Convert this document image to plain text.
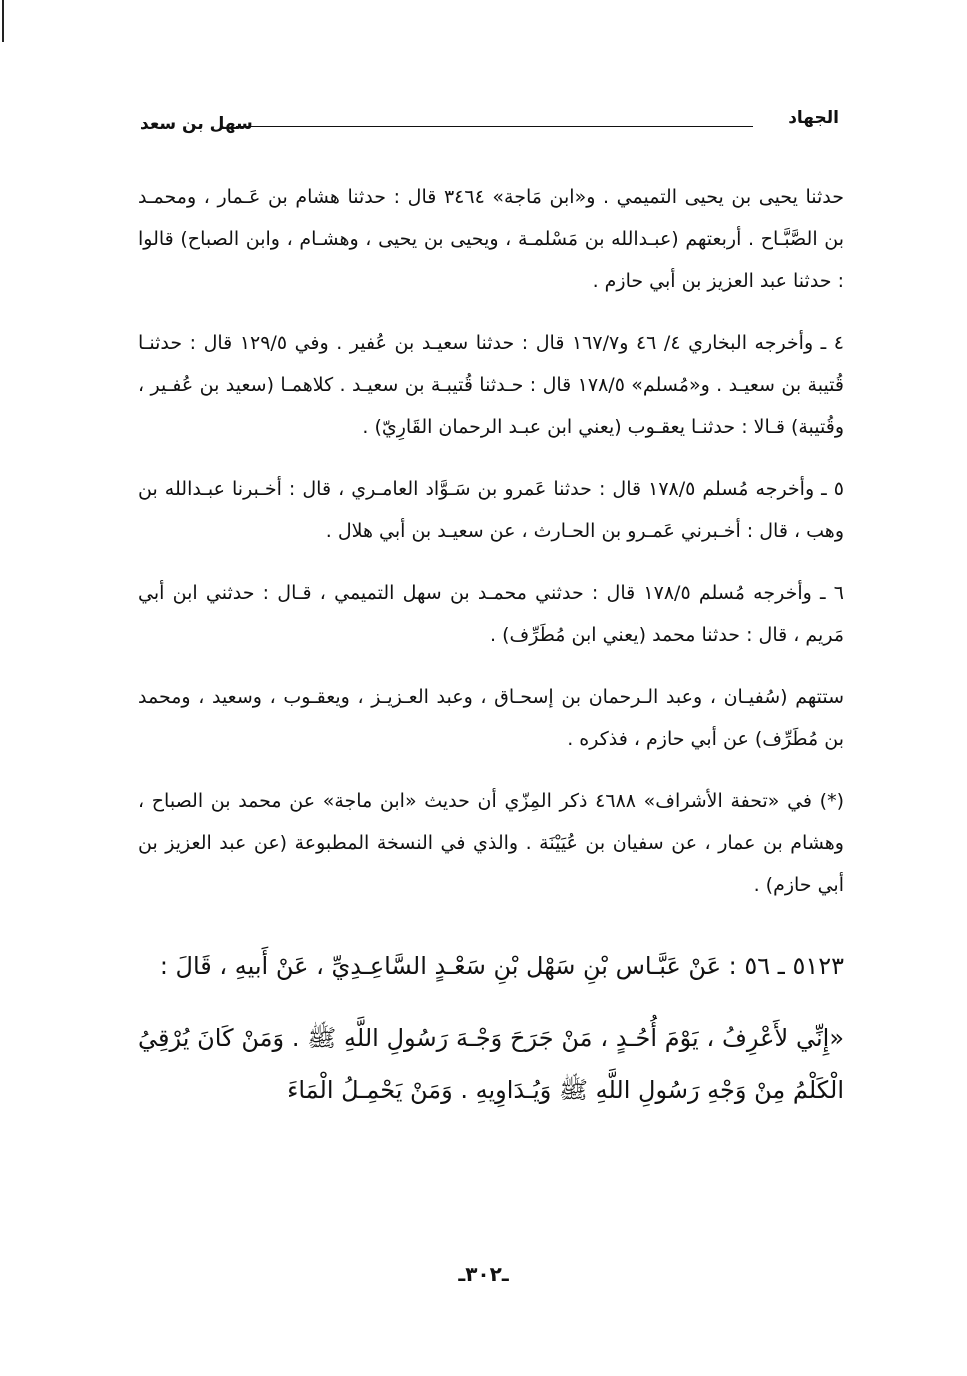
الجهاد
سهل بن سعد

حدثنا يحيى بن يحيى التميمي . و«ابن مَاجة» ٣٤٦٤ قال : حدثنا هشام بن عَـمار ، ومحمـد بن الصَّبَّـاح . أربعتهم (عبـدالله بن مَسْلمـة ، ويحيى بن يحيى ، وهشـام ، وابن الصباح) قالوا : حدثنا عبد العزيز بن أبي حازم .

٤ ـ وأخرجه البخاري ٤/ ٤٦ و١٦٧/٧ قال : حدثنا سعيـد بن عُفير . وفي ١٢٩/٥ قال : حدثنـا قُتيبة بن سعيـد . و«مُسلم» ١٧٨/٥ قال : حـدثنا قُتيبـة بن سعيـد . كلاهمـا (سعيد بن عُفـير ، وقُتيبة) قـالا : حدثنـا يعقـوب (يعني ابن عبـد الرحمان القَارِيّ) .

٥ ـ وأخرجه مُسلم ١٧٨/٥ قال : حدثنا عَمرو بن سَـوَّاد العامـري ، قال : أخـبرنا عبـدالله بن وهب ، قال : أخـبرني عَمـرو بن الحـارث ، عن سعيـد بن أبي هلال .

٦ ـ وأخرجه مُسلم ١٧٨/٥ قال : حدثني محمـد بن سهل التميمي ، قـال : حدثني ابن أبي مَريم ، قال : حدثنا محمد (يعني ابن مُطَرِّف) .

ستتهم (سُفيـان ، وعبد الـرحمان بن إسحـاق ، وعبد العـزيـز ، ويعقـوب ، وسعيد ، ومحمد بن مُطَرِّف) عن أبي حازم ، فذكره .

(*) في «تحفة الأشراف» ٤٦٨٨ ذكر المِزّي أن حديث «ابن ماجة» عن محمد بن الصباح ، وهشام بن عمار ، عن سفيان بن عُيَيْنَة . والذي في النسخة المطبوعة (عن عبد العزيز بن أبي حازم) .

٥١٢٣ ـ ٥٦ : عَنْ عَبَّـاس بْنِ سَهْل بْنِ سَعْـدٍ السَّاعِـدِيِّ ، عَنْ أَبيهِ ، قَالَ :

«إِنِّي لأَعْرِفُ ، يَوْمَ أُحُـدٍ ، مَنْ جَرَحَ وَجْـهَ رَسُولِ اللَّهِ ﷺ . وَمَنْ كَانَ يُرْقِيُ الْكَلْمُ مِنْ وَجْهِ رَسُولِ اللَّهِ ﷺ وَيُـدَاوِيهِ . وَمَنْ يَحْمِـلُ الْمَاءَ

ـ٣٠٢ـ
